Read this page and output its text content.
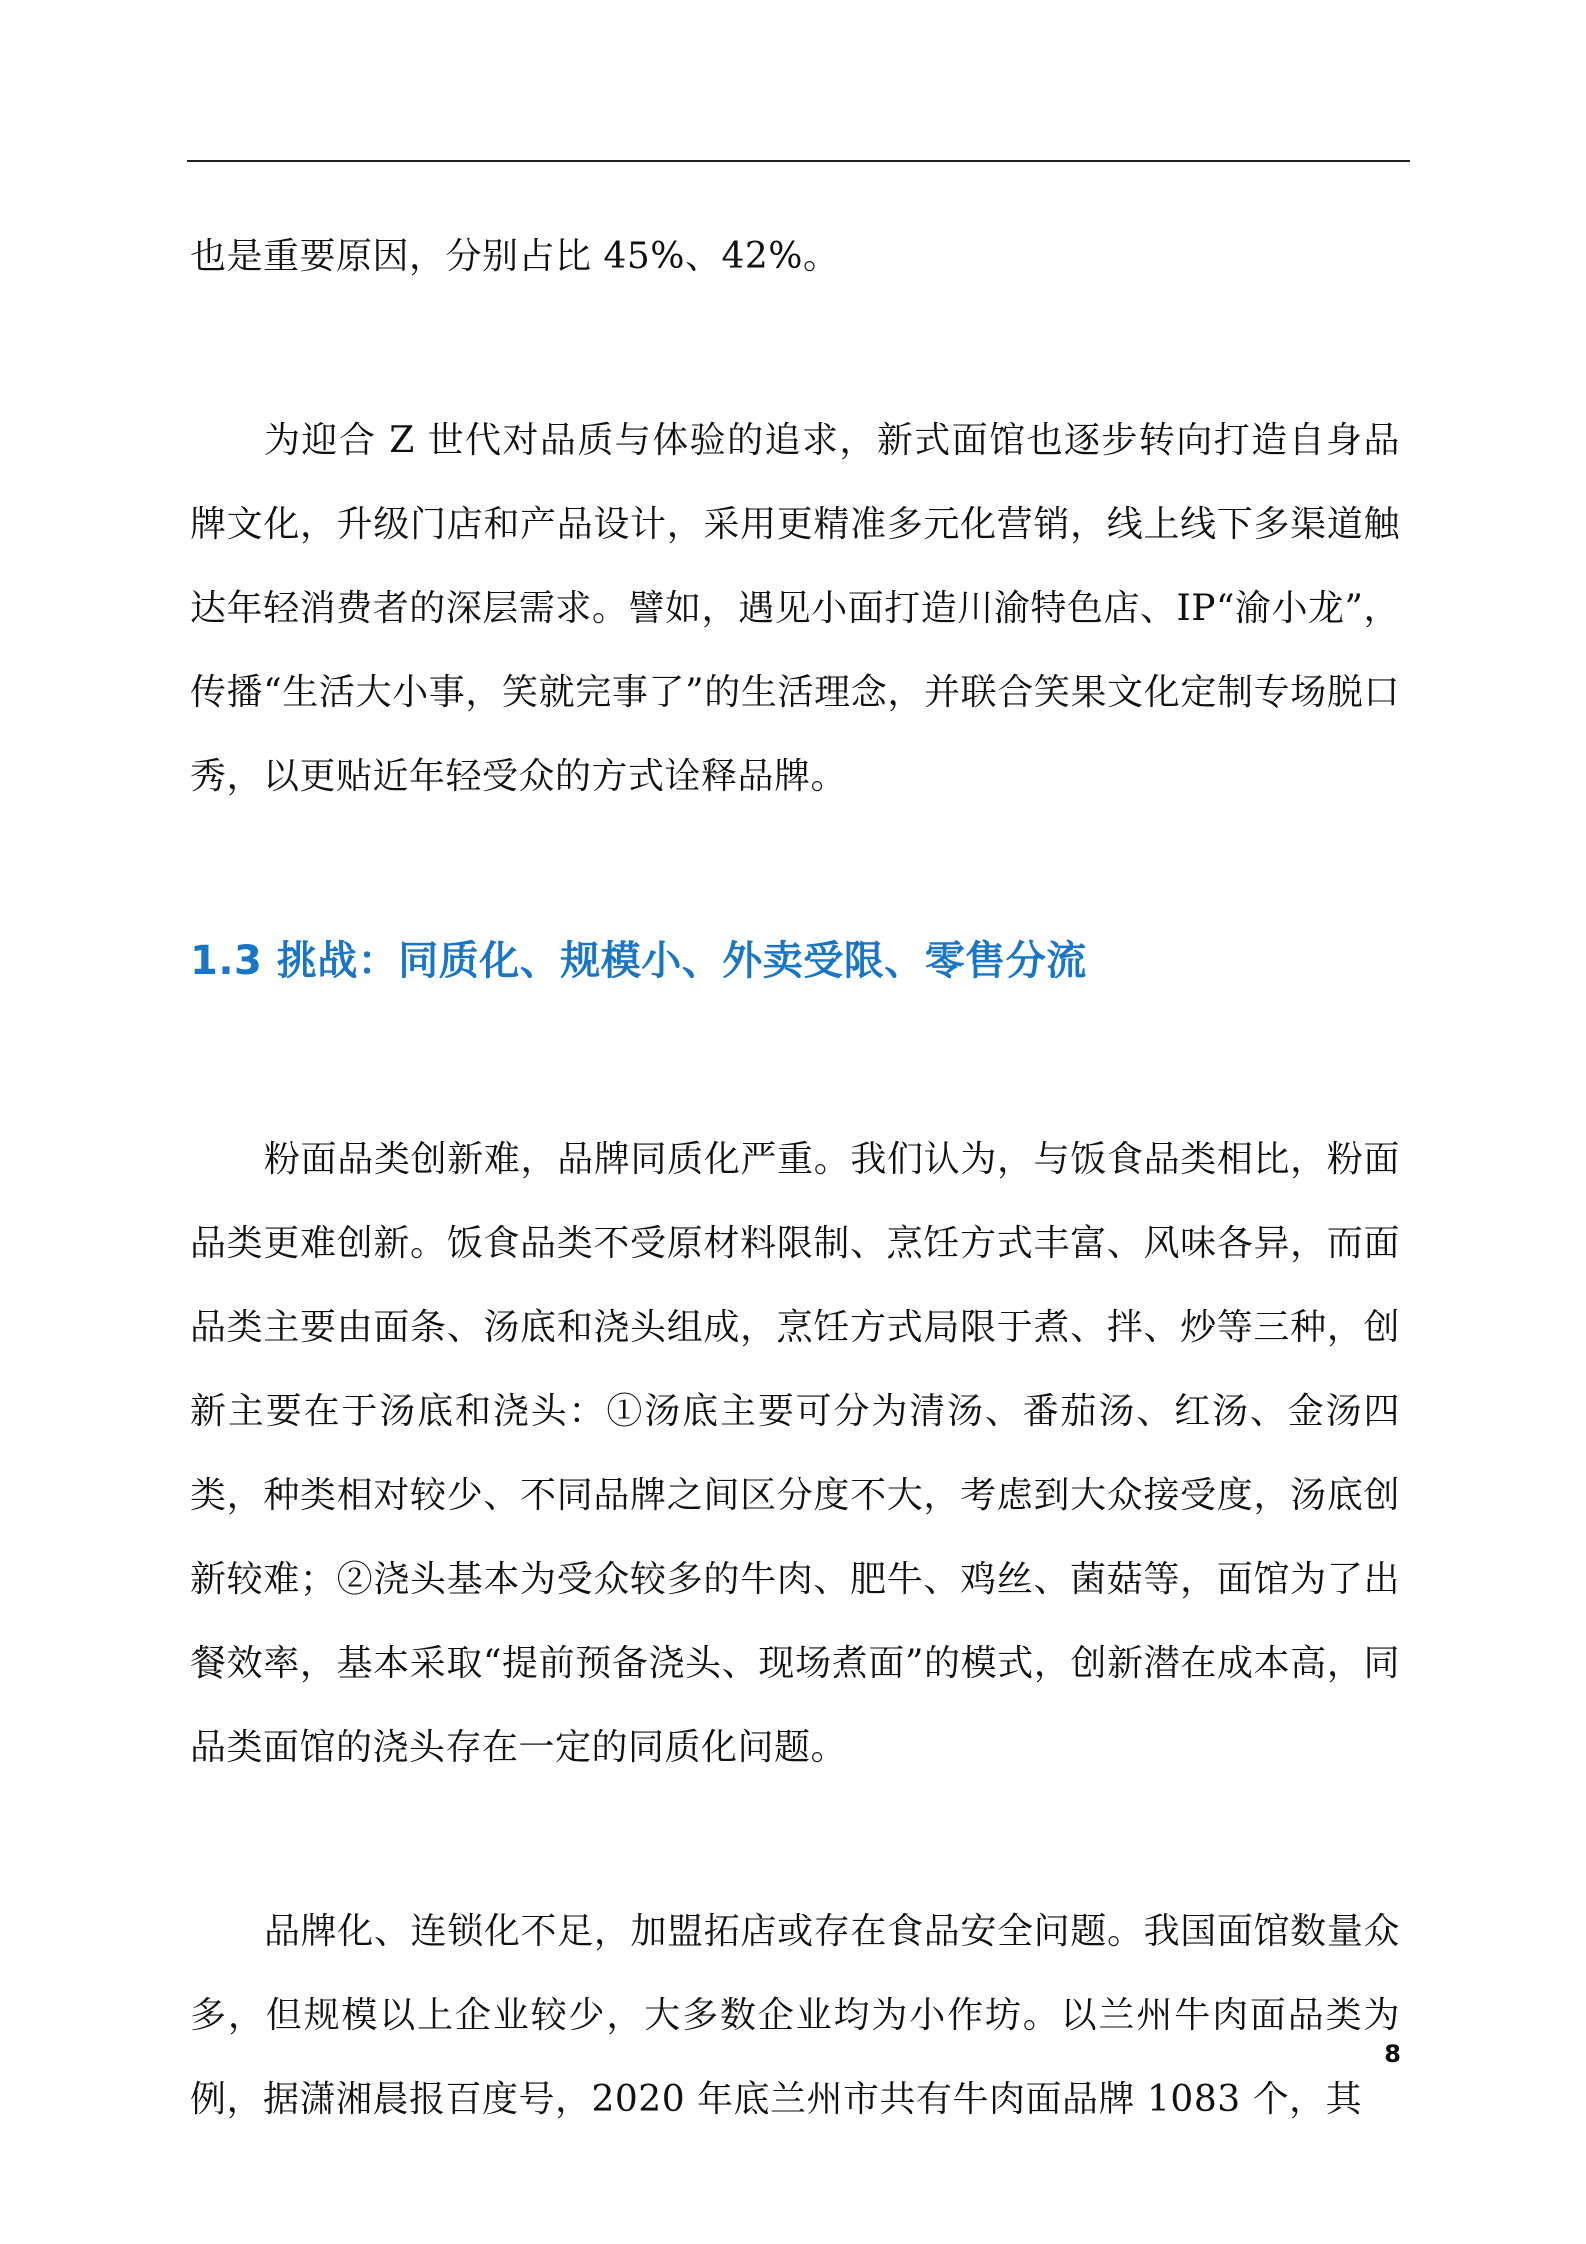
也是重要原因，分别占比 45%、42%。

为迎合 Z 世代对品质与体验的追求，新式面馆也逐步转向打造自身品牌文化，升级门店和产品设计，采用更精准多元化营销，线上线下多渠道触达年轻消费者的深层需求。譬如，遇见小面打造川渝特色店、IP“渝小龙”，传播“生活大小事，笑就完事了”的生活理念，并联合笑果文化定制专场脱口秀，以更贴近年轻受众的方式诠释品牌。

1.3 挑战：同质化、规模小、外卖受限、零售分流

粉面品类创新难，品牌同质化严重。我们认为，与饭食品类相比，粉面品类更难创新。饭食品类不受原材料限制、烹饪方式丰富、风味各异，而面品类主要由面条、汤底和浇头组成，烹饪方式局限于煮、拌、炒等三种，创新主要在于汤底和浇头：①汤底主要可分为清汤、番茄汤、红汤、金汤四类，种类相对较少、不同品牌之间区分度不大，考虑到大众接受度，汤底创新较难；②浇头基本为受众较多的牛肉、肥牛、鸡丝、菌菇等，面馆为了出餐效率，基本采取“提前预备浇头、现场煮面”的模式，创新潜在成本高，同品类面馆的浇头存在一定的同质化问题。

品牌化、连锁化不足，加盟拓店或存在食品安全问题。我国面馆数量众多，但规模以上企业较少，大多数企业均为小作坊。以兰州牛肉面品类为例，据潇湘晨报百度号，2020 年底兰州市共有牛肉面品牌 1083 个，其

8
